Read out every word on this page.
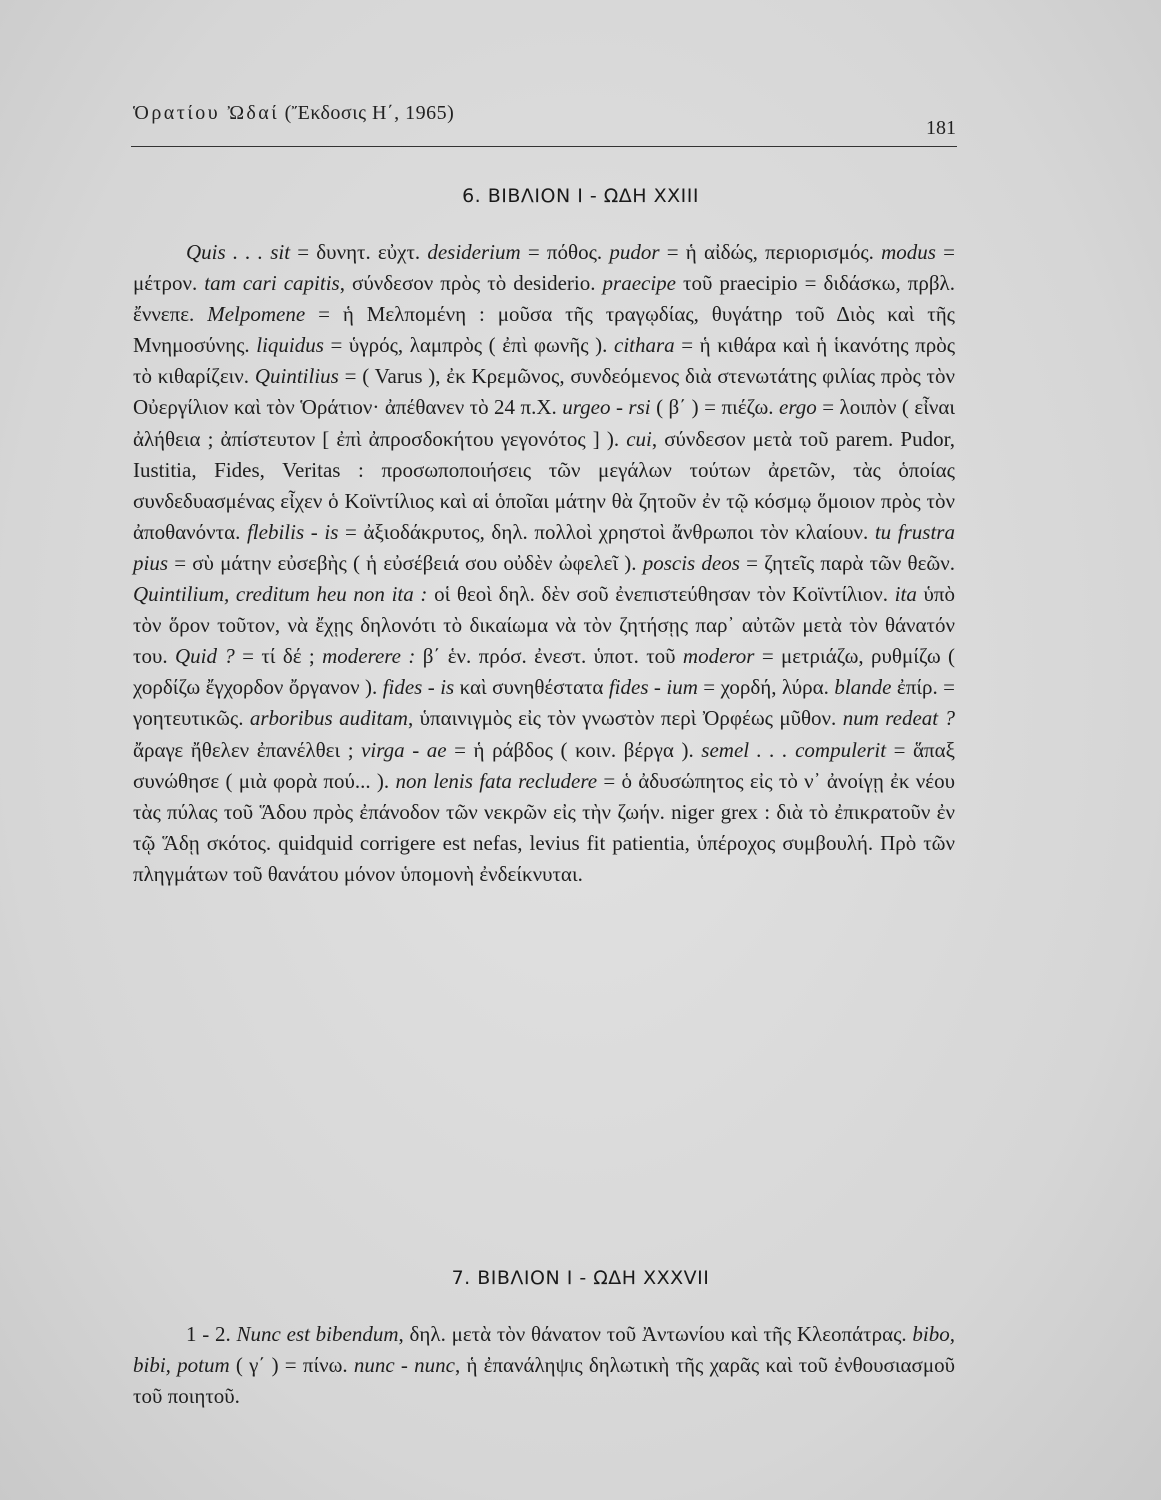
Ὁρατίου Ὠδαί (Ἔκδοσις Η΄, 1965)
181
6. ΒΙΒΛΙΟΝ Ι - ΩΔΗ XXIII
Quis . . . sit = δυνητ. εὐχτ. desiderium = πόθος. pudor = ἡ αἰδώς, περιορισμός. modus = μέτρον. tam cari capitis, σύνδεσον πρὸς τὸ desiderio. praecipe τοῦ praecipio = διδάσκω, πρβλ. ἔννεπε. Melpomene = ἡ Μελπομένη : μοῦσα τῆς τραγῳδίας, θυγάτηρ τοῦ Διὸς καὶ τῆς Μνημοσύνης. liquidus = ὑγρός, λαμπρὸς ( ἐπὶ φωνῆς ). cithara = ἡ κιθάρα καὶ ἡ ἱκανότης πρὸς τὸ κιθαρίζειν. Quintilius = ( Varus ), ἐκ Κρεμῶνος, συνδεόμενος διὰ στενωτάτης φιλίας πρὸς τὸν Οὐεργίλιον καὶ τὸν Ὁράτιον· ἀπέθανεν τὸ 24 π.Χ. urgeo - rsi ( β΄ ) = πιέζω. ergo = λοιπὸν ( εἶναι ἀλήθεια ; ἀπίστευτον [ ἐπὶ ἀπροσδοκήτου γεγονότος ] ). cui, σύνδεσον μετὰ τοῦ parem. Pudor, Iustitia, Fides, Veritas : προσωποποιήσεις τῶν μεγάλων τούτων ἀρετῶν, τὰς ὁποίας συνδεδυασμένας εἶχεν ὁ Κοϊντίλιος καὶ αἱ ὁποῖαι μάτην θὰ ζητοῦν ἐν τῷ κόσμῳ ὅμοιον πρὸς τὸν ἀποθανόντα. flebilis - is = ἀξιοδάκρυτος, δηλ. πολλοὶ χρηστοὶ ἄνθρωποι τὸν κλαίουν. tu frustra pius = σὺ μάτην εὐσεβὴς ( ἡ εὐσέβειά σου οὐδὲν ὠφελεῖ ). poscis deos = ζητεῖς παρὰ τῶν θεῶν. Quintilium, creditum heu non ita : οἱ θεοὶ δηλ. δὲν σοῦ ἐνεπιστεύθησαν τὸν Κοϊντίλιον. ita ὑπὸ τὸν ὅρον τοῦτον, νὰ ἔχῃς δηλονότι τὸ δικαίωμα νὰ τὸν ζητήσῃς παρ᾽ αὐτῶν μετὰ τὸν θάνατόν του. Quid ? = τί δέ ; moderere : β΄ ἑν. πρόσ. ἐνεστ. ὑποτ. τοῦ moderor = μετριάζω, ρυθμίζω ( χορδίζω ἔγχορδον ὄργανον ). fides - is καὶ συνηθέστατα fides - ium = χορδή, λύρα. blande ἐπίρ. = γοητευτικῶς. arboribus auditam, ὑπαινιγμὸς εἰς τὸν γνωστὸν περὶ Ὀρφέως μῦθον. num redeat ? ἄραγε ἤθελεν ἐπανέλθει ; virga - ae = ἡ ράβδος ( κοιν. βέργα ). semel . . . compulerit = ἅπαξ συνώθησε ( μιὰ φορὰ πού... ). non lenis fata recludere = ὁ ἀδυσώπητος εἰς τὸ ν᾽ ἀνοίγῃ ἐκ νέου τὰς πύλας τοῦ Ἅδου πρὸς ἐπάνοδον τῶν νεκρῶν εἰς τὴν ζωήν. niger grex : διὰ τὸ ἐπικρατοῦν ἐν τῷ Ἅδῃ σκότος. quidquid corrigere est nefas, levius fit patientia, ὑπέροχος συμβουλή. Πρὸ τῶν πληγμάτων τοῦ θανάτου μόνον ὑπομονὴ ἐνδείκνυται.
7. ΒΙΒΛΙΟΝ Ι - ΩΔΗ XXXVII
1 - 2. Nunc est bibendum, δηλ. μετὰ τὸν θάνατον τοῦ Ἀντωνίου καὶ τῆς Κλεοπάτρας. bibo, bibi, potum ( γ΄ ) = πίνω. nunc - nunc, ἡ ἐπανάληψις δηλωτικὴ τῆς χαρᾶς καὶ τοῦ ἐνθουσιασμοῦ τοῦ ποιητοῦ.
